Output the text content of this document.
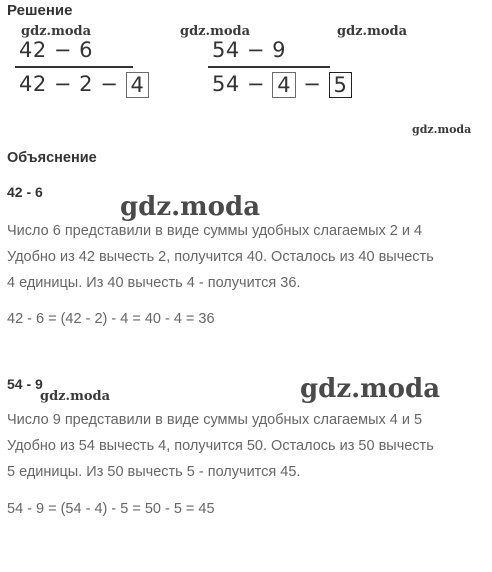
Решение
gdz.moda	gdz.moda	gdz.moda
42 − 6
42 − 2 − 4
54 − 9
54 − 4 − 5
gdz.moda
Объяснение
42 - 6	gdz.moda
Число 6 представили в виде суммы удобных слагаемых 2 и 4
Удобно из 42 вычесть 2, получится 40. Осталось из 40 вычесть
4 единицы. Из 40 вычесть 4 - получится 36.
42 - 6 = (42 - 2) - 4 = 40 - 4 = 36
54 - 9
gdz.moda	gdz.moda
Число 9 представили в виде суммы удобных слагаемых 4 и 5
Удобно из 54 вычесть 4, получится 50. Осталось из 50 вычесть
5 единицы. Из 50 вычесть 5 - получится 45.
54 - 9 = (54 - 4) - 5 = 50 - 5 = 45
